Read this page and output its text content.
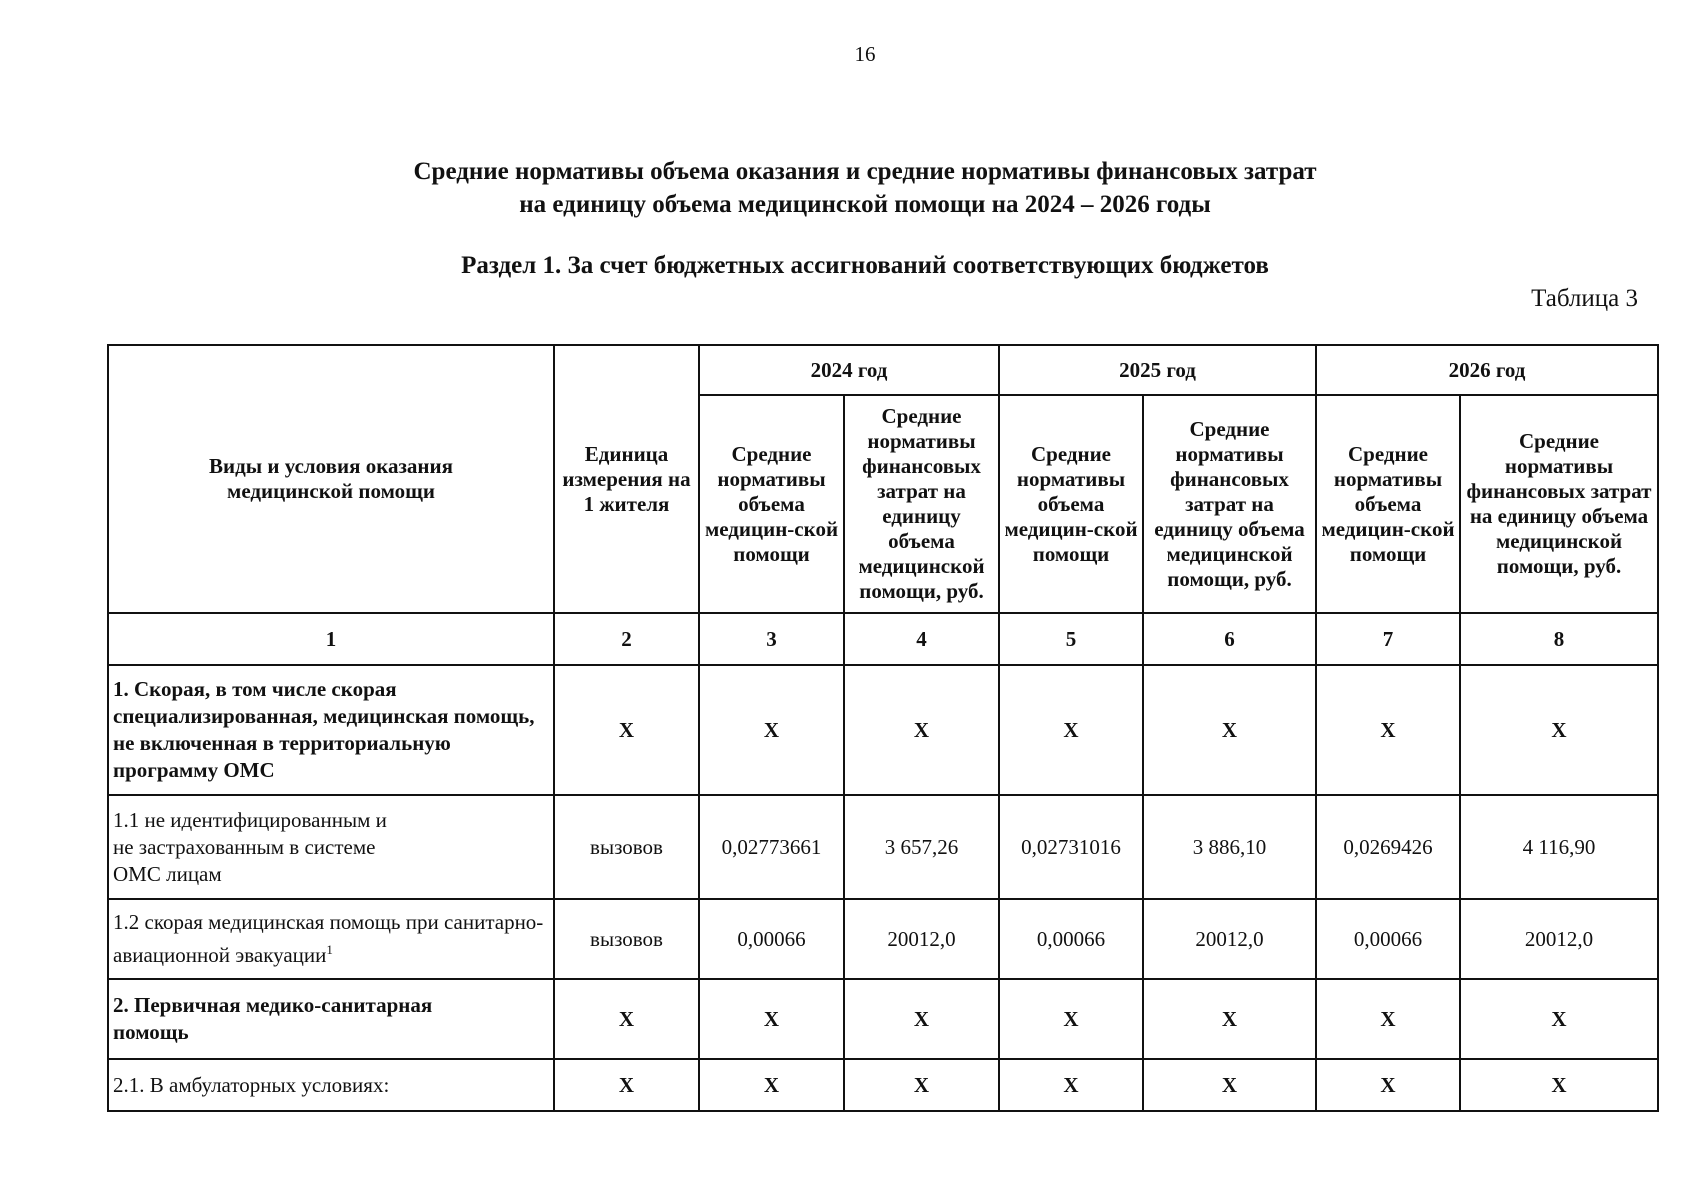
16
Средние нормативы объема оказания и средние нормативы финансовых затрат
на единицу объема медицинской помощи на 2024 – 2026 годы
Раздел 1. За счет бюджетных ассигнований соответствующих бюджетов
Таблица 3
Виды и условия оказания медицинской помощи	Единица измерения на 1 жителя	2024 год		2025 год		2026 год	
		Средние нормативы объема медицин-ской помощи	Средние нормативы финансовых затрат на единицу объема медицинской помощи, руб.	Средние нормативы объема медицин-ской помощи	Средние нормативы финансовых затрат на единицу объема медицинской помощи, руб.	Средние нормативы объема медицин-ской помощи	Средние нормативы финансовых затрат на единицу объема медицинской помощи, руб.
1	2	3	4	5	6	7	8
1. Скорая, в том числе скорая специализированная, медицинская помощь, не включенная в территориальную программу ОМС	Х	Х	Х	Х	Х	Х	Х
1.1 не идентифицированным и не застрахованным в системе ОМС лицам	вызовов	0,02773661	3 657,26	0,02731016	3 886,10	0,0269426	4 116,90
1.2 скорая медицинская помощь при санитарно-авиационной эвакуации$^1$	вызовов	0,00066	20012,0	0,00066	20012,0	0,00066	20012,0
2. Первичная медико-санитарная помощь	Х	Х	Х	Х	Х	Х	Х
2.1. В амбулаторных условиях:	Х	Х	Х	Х	Х	Х	Х
